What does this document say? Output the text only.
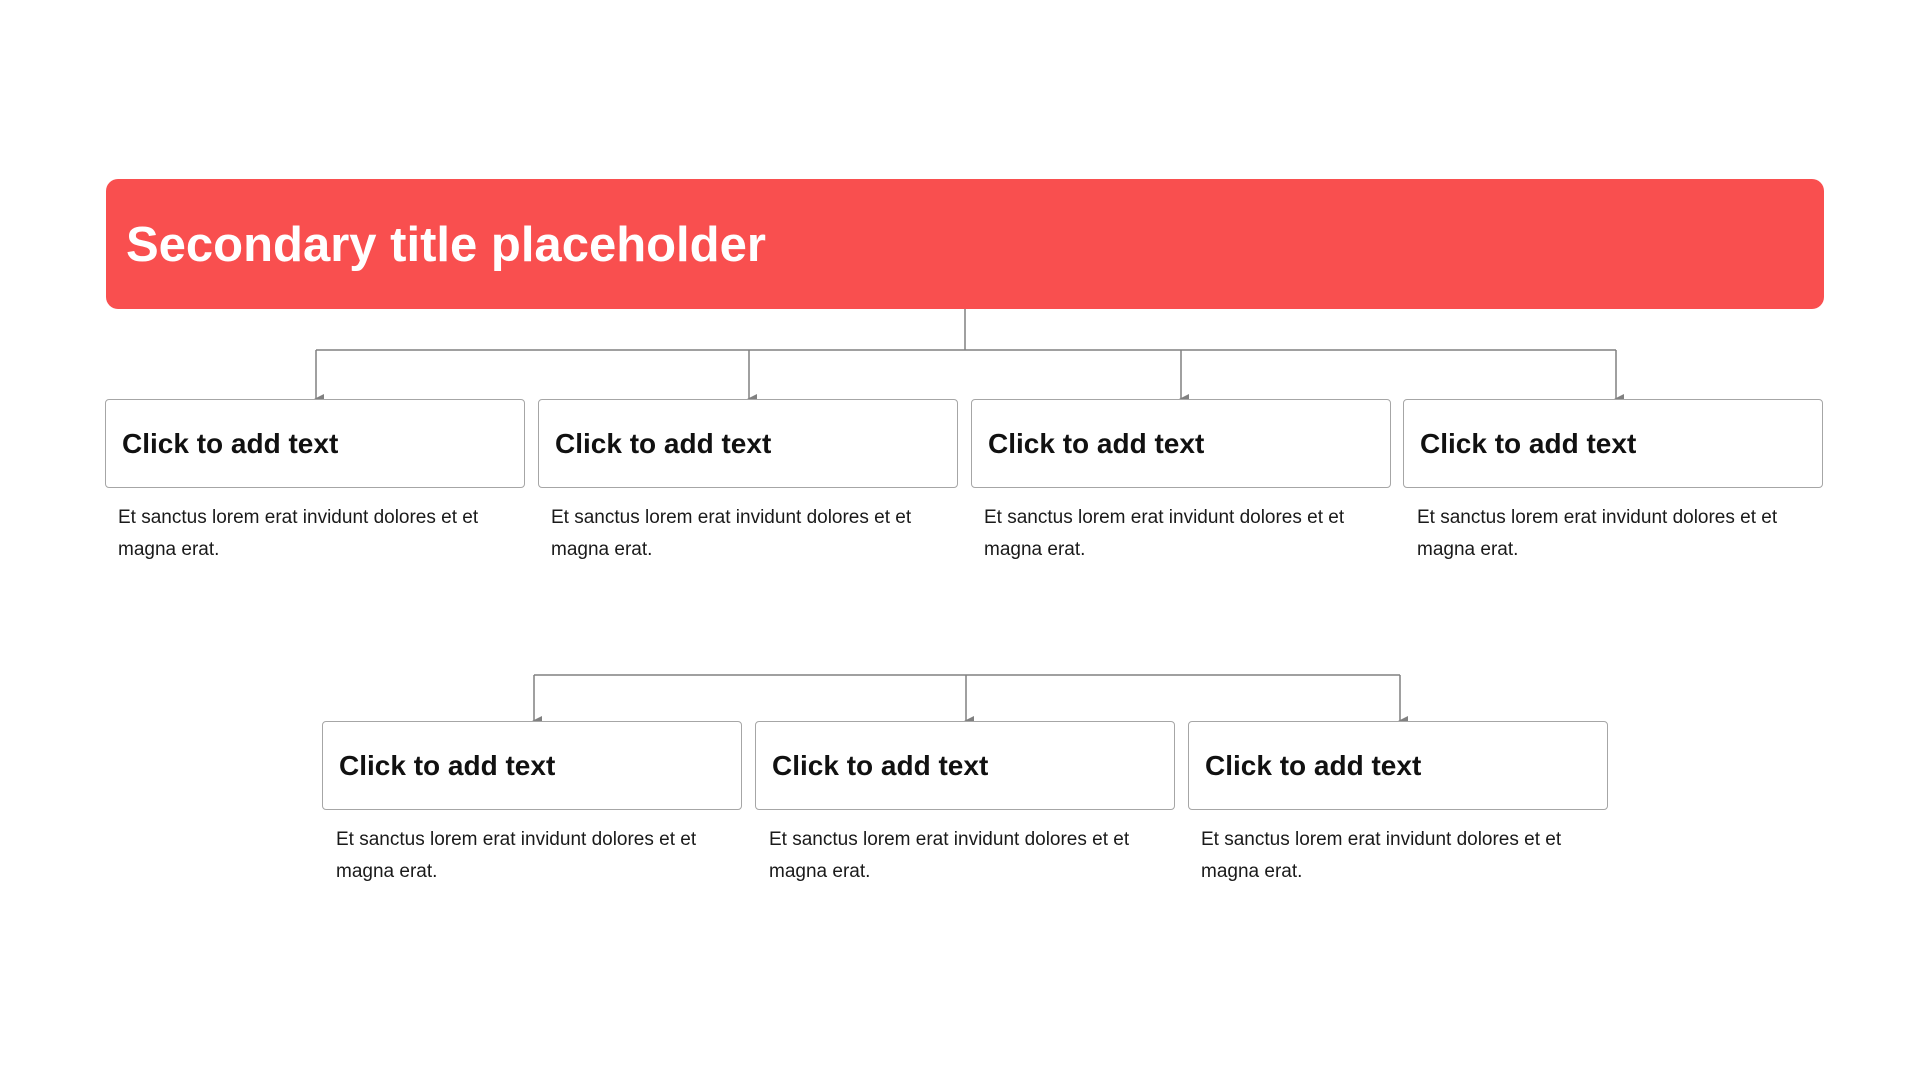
Secondary title placeholder
Click to add text
Et sanctus lorem erat invidunt dolores et et magna erat.
Click to add text
Et sanctus lorem erat invidunt dolores et et magna erat.
Click to add text
Et sanctus lorem erat invidunt dolores et et magna erat.
Click to add text
Et sanctus lorem erat invidunt dolores et et magna erat.
Click to add text
Et sanctus lorem erat invidunt dolores et et magna erat.
Click to add text
Et sanctus lorem erat invidunt dolores et et magna erat.
Click to add text
Et sanctus lorem erat invidunt dolores et et magna erat.
